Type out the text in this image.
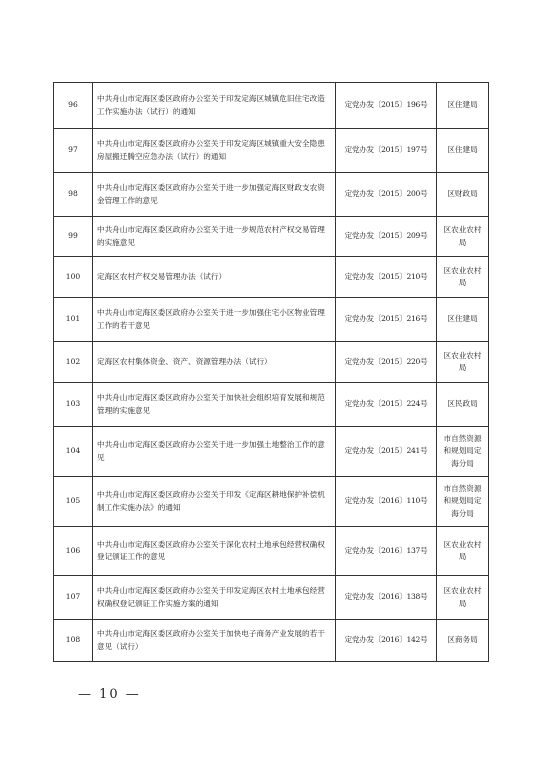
96	中共舟山市定海区委区政府办公室关于印发定海区城镇危旧住宅改造工作实施办法（试行）的通知	定党办发〔2015〕196号	区住建局
97	中共舟山市定海区委区政府办公室关于印发定海区城镇重大安全隐患房屋搬迁腾空应急办法（试行）的通知	定党办发〔2015〕197号	区住建局
98	中共舟山市定海区委区政府办公室关于进一步加强定海区财政支农资金管理工作的意见	定党办发〔2015〕200号	区财政局
99	中共舟山市定海区委区政府办公室关于进一步规范农村产权交易管理的实施意见	定党办发〔2015〕209号	区农业农村局
100	定海区农村产权交易管理办法（试行）	定党办发〔2015〕210号	区农业农村局
101	中共舟山市定海区委区政府办公室关于进一步加强住宅小区物业管理工作的若干意见	定党办发〔2015〕216号	区住建局
102	定海区农村集体资金、资产、资源管理办法（试行）	定党办发〔2015〕220号	区农业农村局
103	中共舟山市定海区委区政府办公室关于加快社会组织培育发展和规范管理的实施意见	定党办发〔2015〕224号	区民政局
104	中共舟山市定海区委区政府办公室关于进一步加强土地整治工作的意见	定党办发〔2015〕241号	市自然资源和规划局定海分局
105	中共舟山市定海区委区政府办公室关于印发《定海区耕地保护补偿机制工作实施办法》的通知	定党办发〔2016〕110号	市自然资源和规划局定海分局
106	中共舟山市定海区委区政府办公室关于深化农村土地承包经营权确权登记颁证工作的意见	定党办发〔2016〕137号	区农业农村局
107	中共舟山市定海区委区政府办公室关于印发定海区农村土地承包经营权确权登记颁证工作实施方案的通知	定党办发〔2016〕138号	区农业农村局
108	中共舟山市定海区委区政府办公室关于加快电子商务产业发展的若干意见（试行）	定党办发〔2016〕142号	区商务局
— 10 —
